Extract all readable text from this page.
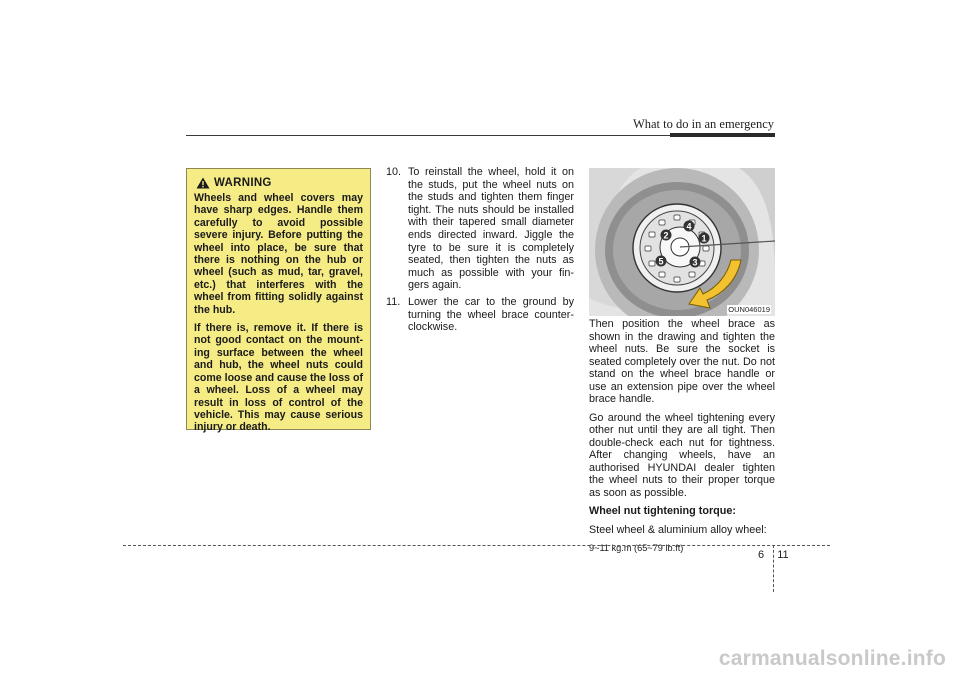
What to do in an emergency
WARNING

Wheels and wheel covers may have sharp edges. Handle them carefully to avoid possible severe injury. Before putting the wheel into place, be sure that there is nothing on the hub or wheel (such as mud, tar, gravel, etc.) that interferes with the wheel from fitting solidly against the hub.

If there is, remove it. If there is not good contact on the mount-ing surface between the wheel and hub, the wheel nuts could come loose and cause the loss of a wheel. Loss of a wheel may result in loss of control of the vehicle. This may cause serious injury or death.

10. To reinstall the wheel, hold it on the studs, put the wheel nuts on the studs and tighten them finger tight. The nuts should be installed with their tapered small diameter ends directed inward. Jiggle the tyre to be sure it is completely seated, then tighten the nuts as much as possible with your fin-gers again.
11. Lower the car to the ground by turning the wheel brace counter-clockwise.
1
2
3
4
5
OUN046019

Then position the wheel brace as shown in the drawing and tighten the wheel nuts. Be sure the socket is seated completely over the nut. Do not stand on the wheel brace handle or use an extension pipe over the wheel brace handle.

Go around the wheel tightening every other nut until they are all tight. Then double-check each nut for tightness. After changing wheels, have an authorised HYUNDAI dealer tighten the wheel nuts to their proper torque as soon as possible.

Wheel nut tightening torque:

Steel wheel & aluminium alloy wheel:

9~11 kg.m (65~79 lb.ft)

6 11
carmanualsonline.info
